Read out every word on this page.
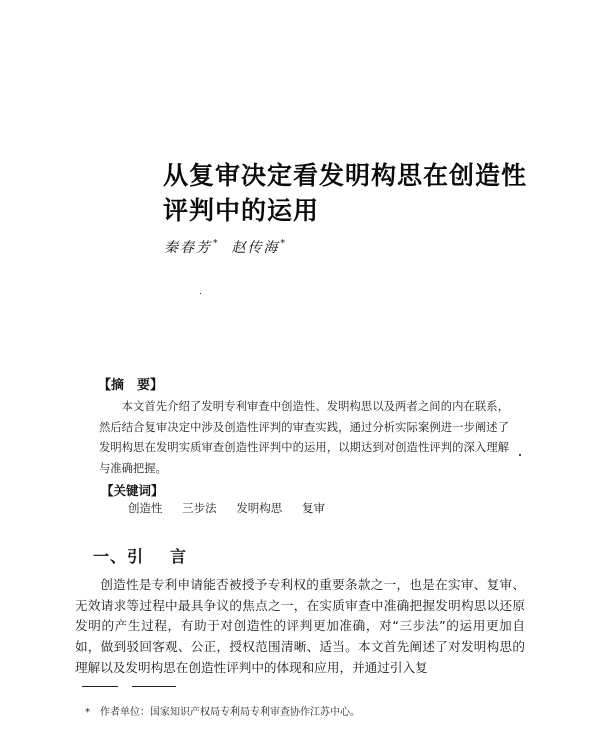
从复审决定看发明构思在创造性
评判中的运用

秦春芳* 赵传海*

【摘　要】

本文首先介绍了发明专利审查中创造性、发明构思以及两者之间的内在联系，然后结合复审决定中涉及创造性评判的审查实践，通过分析实际案例进一步阐述了发明构思在发明实质审查创造性评判中的运用，以期达到对创造性评判的深入理解与准确把握。

【关键词】

创造性 三步法 发明构思 复审
一、引 言

创造性是专利申请能否被授予专利权的重要条款之一，也是在实审、复审、无效请求等过程中最具争议的焦点之一，在实质审查中准确把握发明构思以还原发明的产生过程，有助于对创造性的评判更加准确，对“三步法”的运用更加自如，做到驳回客观、公正，授权范围清晰、适当。本文首先阐述了对发明构思的理解以及发明构思在创造性评判中的体现和应用，并通过引入复

*　作者单位：国家知识产权局专利局专利审查协作江苏中心。
